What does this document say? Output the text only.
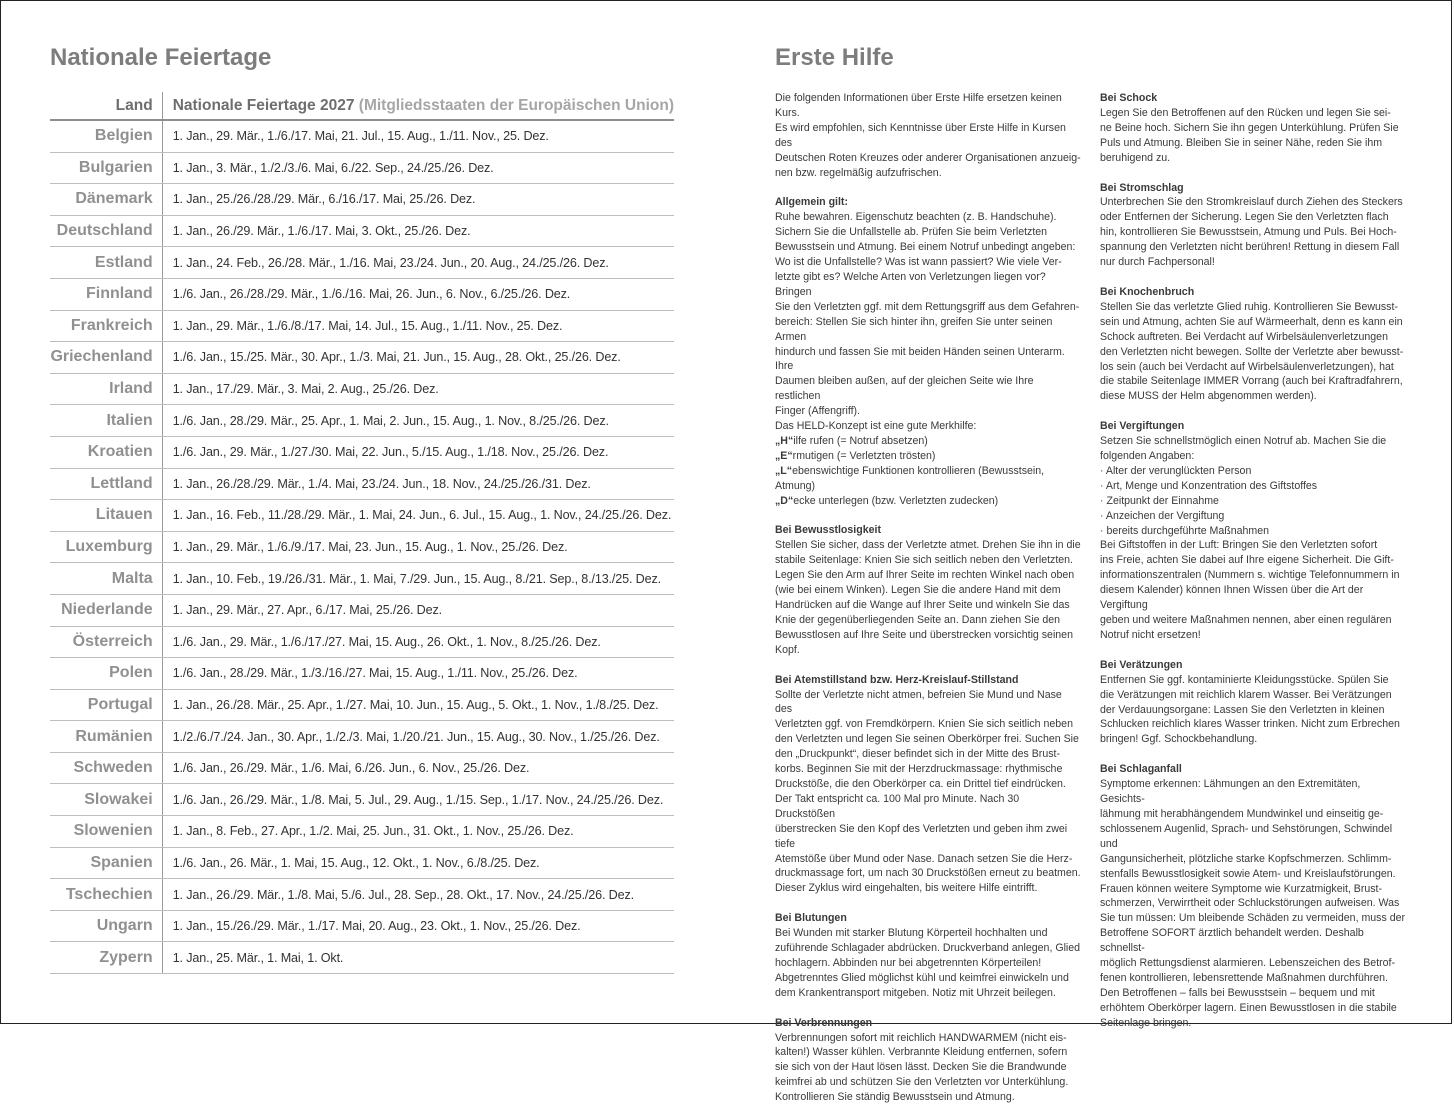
Nationale Feiertage
Land	Nationale Feiertage 2027 (Mitgliedsstaaten der Europäischen Union)
Belgien	1. Jan., 29. Mär., 1./6./17. Mai, 21. Jul., 15. Aug., 1./11. Nov., 25. Dez.
Bulgarien	1. Jan., 3. Mär., 1./2./3./6. Mai, 6./22. Sep., 24./25./26. Dez.
Dänemark	1. Jan., 25./26./28./29. Mär., 6./16./17. Mai, 25./26. Dez.
Deutschland	1. Jan., 26./29. Mär., 1./6./17. Mai, 3. Okt., 25./26. Dez.
Estland	1. Jan., 24. Feb., 26./28. Mär., 1./16. Mai, 23./24. Jun., 20. Aug., 24./25./26. Dez.
Finnland	1./6. Jan., 26./28./29. Mär., 1./6./16. Mai, 26. Jun., 6. Nov., 6./25./26. Dez.
Frankreich	1. Jan., 29. Mär., 1./6./8./17. Mai, 14. Jul., 15. Aug., 1./11. Nov., 25. Dez.
Griechenland	1./6. Jan., 15./25. Mär., 30. Apr., 1./3. Mai, 21. Jun., 15. Aug., 28. Okt., 25./26. Dez.
Irland	1. Jan., 17./29. Mär., 3. Mai, 2. Aug., 25./26. Dez.
Italien	1./6. Jan., 28./29. Mär., 25. Apr., 1. Mai, 2. Jun., 15. Aug., 1. Nov., 8./25./26. Dez.
Kroatien	1./6. Jan., 29. Mär., 1./27./30. Mai, 22. Jun., 5./15. Aug., 1./18. Nov., 25./26. Dez.
Lettland	1. Jan., 26./28./29. Mär., 1./4. Mai, 23./24. Jun., 18. Nov., 24./25./26./31. Dez.
Litauen	1. Jan., 16. Feb., 11./28./29. Mär., 1. Mai, 24. Jun., 6. Jul., 15. Aug., 1. Nov., 24./25./26. Dez.
Luxemburg	1. Jan., 29. Mär., 1./6./9./17. Mai, 23. Jun., 15. Aug., 1. Nov., 25./26. Dez.
Malta	1. Jan., 10. Feb., 19./26./31. Mär., 1. Mai, 7./29. Jun., 15. Aug., 8./21. Sep., 8./13./25. Dez.
Niederlande	1. Jan., 29. Mär., 27. Apr., 6./17. Mai, 25./26. Dez.
Österreich	1./6. Jan., 29. Mär., 1./6./17./27. Mai, 15. Aug., 26. Okt., 1. Nov., 8./25./26. Dez.
Polen	1./6. Jan., 28./29. Mär., 1./3./16./27. Mai, 15. Aug., 1./11. Nov., 25./26. Dez.
Portugal	1. Jan., 26./28. Mär., 25. Apr., 1./27. Mai, 10. Jun., 15. Aug., 5. Okt., 1. Nov., 1./8./25. Dez.
Rumänien	1./2./6./7./24. Jan., 30. Apr., 1./2./3. Mai, 1./20./21. Jun., 15. Aug., 30. Nov., 1./25./26. Dez.
Schweden	1./6. Jan., 26./29. Mär., 1./6. Mai, 6./26. Jun., 6. Nov., 25./26. Dez.
Slowakei	1./6. Jan., 26./29. Mär., 1./8. Mai, 5. Jul., 29. Aug., 1./15. Sep., 1./17. Nov., 24./25./26. Dez.
Slowenien	1. Jan., 8. Feb., 27. Apr., 1./2. Mai, 25. Jun., 31. Okt., 1. Nov., 25./26. Dez.
Spanien	1./6. Jan., 26. Mär., 1. Mai, 15. Aug., 12. Okt., 1. Nov., 6./8./25. Dez.
Tschechien	1. Jan., 26./29. Mär., 1./8. Mai, 5./6. Jul., 28. Sep., 28. Okt., 17. Nov., 24./25./26. Dez.
Ungarn	1. Jan., 15./26./29. Mär., 1./17. Mai, 20. Aug., 23. Okt., 1. Nov., 25./26. Dez.
Zypern	1. Jan., 25. Mär., 1. Mai, 1. Okt.
Erste Hilfe

Die folgenden Informationen über Erste Hilfe ersetzen keinen Kurs.
Es wird empfohlen, sich Kenntnisse über Erste Hilfe in Kursen des
Deutschen Roten Kreuzes oder anderer Organisationen anzueig-
nen bzw. regelmäßig aufzufrischen.

Allgemein gilt:
Ruhe bewahren. Eigenschutz beachten (z. B. Handschuhe).
Sichern Sie die Unfallstelle ab. Prüfen Sie beim Verletzten
Bewusstsein und Atmung. Bei einem Notruf unbedingt angeben:
Wo ist die Unfallstelle? Was ist wann passiert? Wie viele Ver-
letzte gibt es? Welche Arten von Verletzungen liegen vor? Bringen
Sie den Verletzten ggf. mit dem Rettungsgriff aus dem Gefahren-
bereich: Stellen Sie sich hinter ihn, greifen Sie unter seinen Armen
hindurch und fassen Sie mit beiden Händen seinen Unterarm. Ihre
Daumen bleiben außen, auf der gleichen Seite wie Ihre restlichen
Finger (Affengriff).
Das HELD-Konzept ist eine gute Merkhilfe:
„H“ilfe rufen (= Notruf absetzen)
„E“rmutigen (= Verletzten trösten)
„L“ebenswichtige Funktionen kontrollieren (Bewusstsein,
Atmung)
„D“ecke unterlegen (bzw. Verletzten zudecken)

Bei Bewusstlosigkeit
Stellen Sie sicher, dass der Verletzte atmet. Drehen Sie ihn in die
stabile Seitenlage: Knien Sie sich seitlich neben den Verletzten.
Legen Sie den Arm auf Ihrer Seite im rechten Winkel nach oben
(wie bei einem Winken). Legen Sie die andere Hand mit dem
Handrücken auf die Wange auf Ihrer Seite und winkeln Sie das
Knie der gegenüberliegenden Seite an. Dann ziehen Sie den
Bewusstlosen auf Ihre Seite und überstrecken vorsichtig seinen
Kopf.

Bei Atemstillstand bzw. Herz-Kreislauf-Stillstand
Sollte der Verletzte nicht atmen, befreien Sie Mund und Nase des
Verletzten ggf. von Fremdkörpern. Knien Sie sich seitlich neben
den Verletzten und legen Sie seinen Oberkörper frei. Suchen Sie
den „Druckpunkt“, dieser befindet sich in der Mitte des Brust-
korbs. Beginnen Sie mit der Herzdruckmassage: rhythmische
Druckstöße, die den Oberkörper ca. ein Drittel tief eindrücken.
Der Takt entspricht ca. 100 Mal pro Minute. Nach 30 Druckstößen
überstrecken Sie den Kopf des Verletzten und geben ihm zwei tiefe
Atemstöße über Mund oder Nase. Danach setzen Sie die Herz-
druckmassage fort, um nach 30 Druckstößen erneut zu beatmen.
Dieser Zyklus wird eingehalten, bis weitere Hilfe eintrifft.

Bei Blutungen
Bei Wunden mit starker Blutung Körperteil hochhalten und
zuführende Schlagader abdrücken. Druckverband anlegen, Glied
hochlagern. Abbinden nur bei abgetrennten Körperteilen!
Abgetrenntes Glied möglichst kühl und keimfrei einwickeln und
dem Krankentransport mitgeben. Notiz mit Uhrzeit beilegen.

Bei Verbrennungen
Verbrennungen sofort mit reichlich HANDWARMEM (nicht eis-
kalten!) Wasser kühlen. Verbrannte Kleidung entfernen, sofern
sie sich von der Haut lösen lässt. Decken Sie die Brandwunde
keimfrei ab und schützen Sie den Verletzten vor Unterkühlung.
Kontrollieren Sie ständig Bewusstsein und Atmung.

Bei Schock
Legen Sie den Betroffenen auf den Rücken und legen Sie sei-
ne Beine hoch. Sichern Sie ihn gegen Unterkühlung. Prüfen Sie
Puls und Atmung. Bleiben Sie in seiner Nähe, reden Sie ihm
beruhigend zu.

Bei Stromschlag
Unterbrechen Sie den Stromkreislauf durch Ziehen des Steckers
oder Entfernen der Sicherung. Legen Sie den Verletzten flach
hin, kontrollieren Sie Bewusstsein, Atmung und Puls. Bei Hoch-
spannung den Verletzten nicht berühren! Rettung in diesem Fall
nur durch Fachpersonal!

Bei Knochenbruch
Stellen Sie das verletzte Glied ruhig. Kontrollieren Sie Bewusst-
sein und Atmung, achten Sie auf Wärmeerhalt, denn es kann ein
Schock auftreten. Bei Verdacht auf Wirbelsäulenverletzungen
den Verletzten nicht bewegen. Sollte der Verletzte aber bewusst-
los sein (auch bei Verdacht auf Wirbelsäulenverletzungen), hat
die stabile Seitenlage IMMER Vorrang (auch bei Kraftradfahrern,
diese MUSS der Helm abgenommen werden).

Bei Vergiftungen
Setzen Sie schnellstmöglich einen Notruf ab. Machen Sie die
folgenden Angaben:
· Alter der verunglückten Person
· Art, Menge und Konzentration des Giftstoffes
· Zeitpunkt der Einnahme
· Anzeichen der Vergiftung
· bereits durchgeführte Maßnahmen
Bei Giftstoffen in der Luft: Bringen Sie den Verletzten sofort
ins Freie, achten Sie dabei auf Ihre eigene Sicherheit. Die Gift-
informationszentralen (Nummern s. wichtige Telefonnummern in
diesem Kalender) können Ihnen Wissen über die Art der Vergiftung
geben und weitere Maßnahmen nennen, aber einen regulären
Notruf nicht ersetzen!

Bei Verätzungen
Entfernen Sie ggf. kontaminierte Kleidungsstücke. Spülen Sie
die Verätzungen mit reichlich klarem Wasser. Bei Verätzungen
der Verdauungsorgane: Lassen Sie den Verletzten in kleinen
Schlucken reichlich klares Wasser trinken. Nicht zum Erbrechen
bringen! Ggf. Schockbehandlung.

Bei Schlaganfall
Symptome erkennen: Lähmungen an den Extremitäten, Gesichts-
lähmung mit herabhängendem Mundwinkel und einseitig ge-
schlossenem Augenlid, Sprach- und Sehstörungen, Schwindel und
Gangunsicherheit, plötzliche starke Kopfschmerzen. Schlimm-
stenfalls Bewusstlosigkeit sowie Atem- und Kreislaufstörungen.
Frauen können weitere Symptome wie Kurzatmigkeit, Brust-
schmerzen, Verwirrtheit oder Schluckstörungen aufweisen. Was
Sie tun müssen: Um bleibende Schäden zu vermeiden, muss der
Betroffene SOFORT ärztlich behandelt werden. Deshalb schnellst-
möglich Rettungsdienst alarmieren. Lebenszeichen des Betrof-
fenen kontrollieren, lebensrettende Maßnahmen durchführen.
Den Betroffenen – falls bei Bewusstsein – bequem und mit
erhöhtem Oberkörper lagern. Einen Bewusstlosen in die stabile
Seitenlage bringen.
